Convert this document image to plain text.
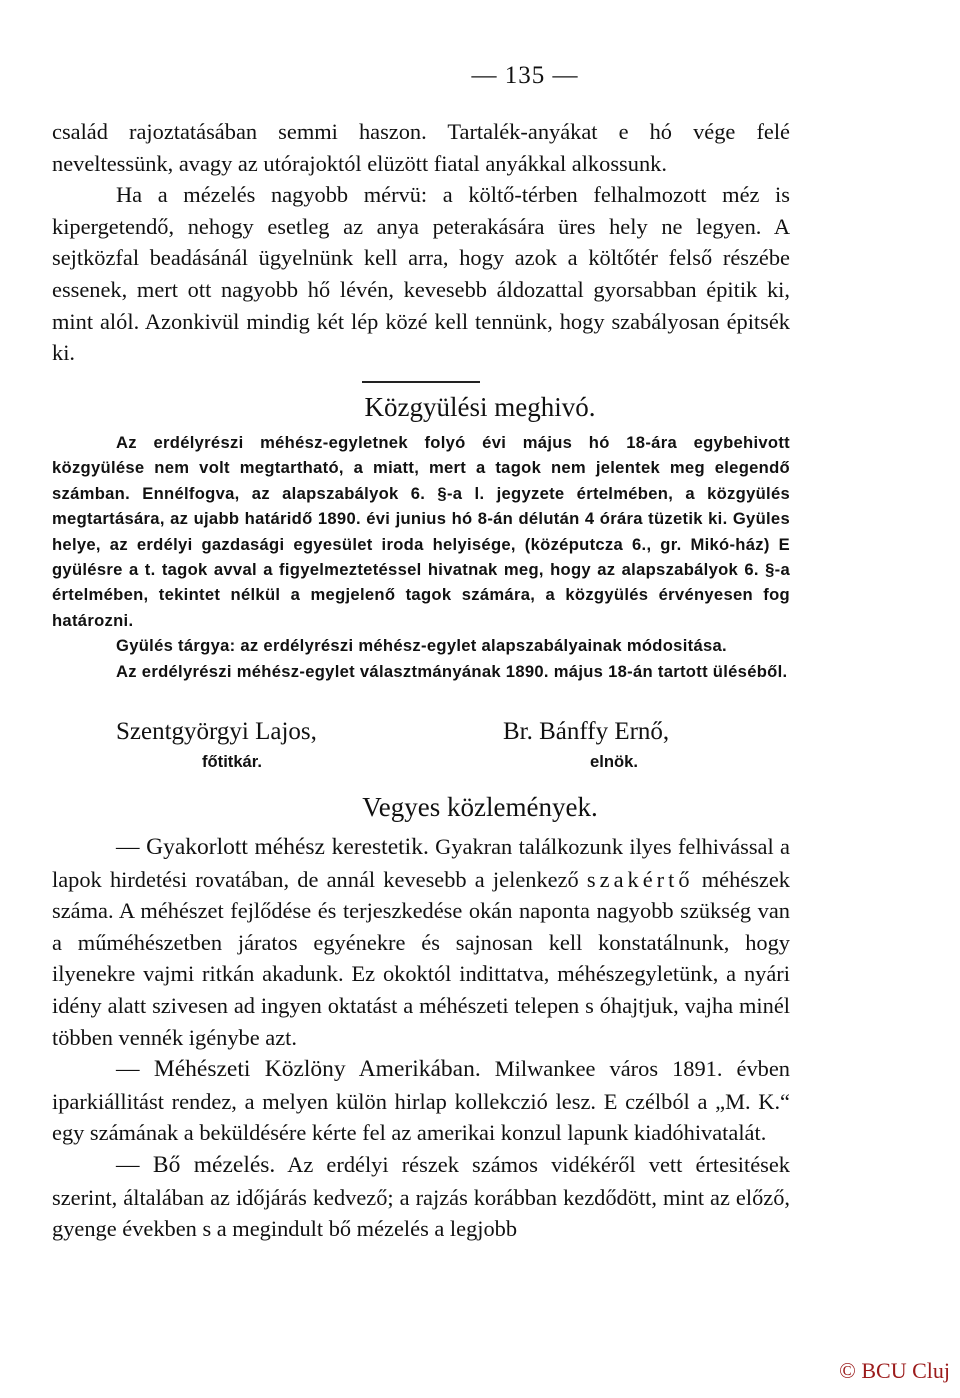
— 135 —

család rajoztatásában semmi haszon. Tartalék-anyákat e hó vége felé neveltessünk, avagy az utórajoktól elüzött fiatal anyákkal alkossunk.

Ha a mézelés nagyobb mérvü: a költő-térben felhalmozott méz is kipergetendő, nehogy esetleg az anya peterakására üres hely ne legyen. A sejtközfal beadásánál ügyelnünk kell arra, hogy azok a költőtér felső részébe essenek, mert ott nagyobb hő lévén, kevesebb áldozattal gyorsabban épitik ki, mint alól. Azonkivül mindig két lép közé kell tennünk, hogy szabályosan épitsék ki.

Közgyülési meghivó.

Az erdélyrészi méhész-egyletnek folyó évi május hó 18-ára egybehivott közgyülése nem volt megtartható, a miatt, mert a tagok nem jelentek meg elegendő számban. Ennélfogva, az alapszabályok 6. §-a l. jegyzete értelmében, a közgyülés megtartására, az ujabb határidő 1890. évi junius hó 8-án délután 4 órára tüzetik ki. Gyüles helye, az erdélyi gazdasági egyesület iroda helyisége, (középutcza 6., gr. Mikó-ház) E gyülésre a t. tagok avval a figyelmeztetéssel hivatnak meg, hogy az alapszabályok 6. §-a értelmében, tekintet nélkül a megjelenő tagok számára, a közgyülés érvényesen fog határozni.

Gyülés tárgya: az erdélyrészi méhész-egylet alapszabályainak módositása.

Az erdélyrészi méhész-egylet választmányának 1890. május 18-án tartott üléséből.

Szentgyörgyi Lajos,
főtitkár.
Br. Bánffy Ernő,
elnök.
Vegyes közlemények.

— Gyakorlott méhész kerestetik. Gyakran találkozunk ilyes felhivással a lapok hirdetési rovatában, de annál kevesebb a jelenkező szakértő méhészek száma. A méhészet fejlődése és terjeszkedése okán naponta nagyobb szükség van a műméhészetben járatos egyénekre és sajnosan kell konstatálnunk, hogy ilyenekre vajmi ritkán akadunk. Ez okoktól indittatva, méhészegyletünk, a nyári idény alatt szivesen ad ingyen oktatást a méhészeti telepen s óhajtjuk, vajha minél többen vennék igénybe azt.

— Méhészeti Közlöny Amerikában. Milwankee város 1891. évben iparkiállitást rendez, a melyen külön hirlap kollekczió lesz. E czélból a „M. K.“ egy számának a beküldésére kérte fel az amerikai konzul lapunk kiadóhivatalát.

— Bő mézelés. Az erdélyi részek számos vidékéről vett értesitések szerint, általában az időjárás kedvező; a rajzás korábban kezdődött, mint az előző, gyenge években s a megindult bő mézelés a legjobb

© BCU Cluj
